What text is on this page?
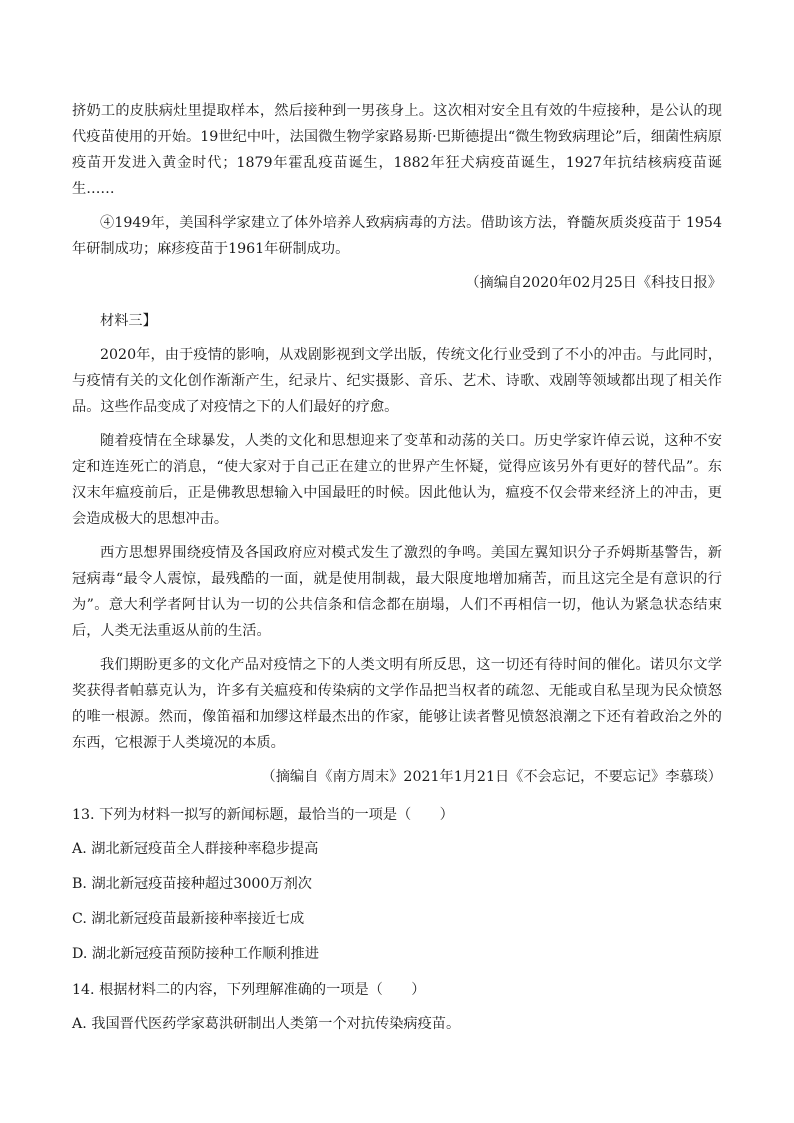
挤奶工的皮肤病灶里提取样本，然后接种到一男孩身上。这次相对安全且有效的牛痘接种，是公认的现代疫苗使用的开始。19世纪中叶，法国微生物学家路易斯·巴斯德提出“微生物致病理论”后，细菌性病原疫苗开发进入黄金时代；1879年霍乱疫苗诞生，1882年狂犬病疫苗诞生，1927年抗结核病疫苗诞生……

④1949年，美国科学家建立了体外培养人致病病毒的方法。借助该方法，脊髓灰质炎疫苗于 1954年研制成功；麻疹疫苗于1961年研制成功。

（摘编自2020年02月25日《科技日报》
材料三】

2020年，由于疫情的影响，从戏剧影视到文学出版，传统文化行业受到了不小的冲击。与此同时，与疫情有关的文化创作渐渐产生，纪录片、纪实摄影、音乐、艺术、诗歌、戏剧等领域都出现了相关作品。这些作品变成了对疫情之下的人们最好的疗愈。

随着疫情在全球暴发，人类的文化和思想迎来了变革和动荡的关口。历史学家许倬云说，这种不安定和连连死亡的消息，“使大家对于自己正在建立的世界产生怀疑，觉得应该另外有更好的替代品”。东汉末年瘟疫前后，正是佛教思想输入中国最旺的时候。因此他认为，瘟疫不仅会带来经济上的冲击，更会造成极大的思想冲击。

西方思想界围绕疫情及各国政府应对模式发生了激烈的争鸣。美国左翼知识分子乔姆斯基警告，新冠病毒“最令人震惊，最残酷的一面，就是使用制裁，最大限度地增加痛苦，而且这完全是有意识的行为”。意大利学者阿甘认为一切的公共信条和信念都在崩塌，人们不再相信一切，他认为紧急状态结束后，人类无法重返从前的生活。

我们期盼更多的文化产品对疫情之下的人类文明有所反思，这一切还有待时间的催化。诺贝尔文学奖获得者帕慕克认为，许多有关瘟疫和传染病的文学作品把当权者的疏忽、无能或自私呈现为民众愤怒的唯一根源。然而，像笛福和加缪这样最杰出的作家，能够让读者瞥见愤怒浪潮之下还有着政治之外的东西，它根源于人类境况的本质。

（摘编自《南方周末》2021年1月21日《不会忘记，不要忘记》李慕琰）
13. 下列为材料一拟写的新闻标题，最恰当的一项是（　　）
A. 湖北新冠疫苗全人群接种率稳步提高
B. 湖北新冠疫苗接种超过3000万剂次
C. 湖北新冠疫苗最新接种率接近七成
D. 湖北新冠疫苗预防接种工作顺利推进
14. 根据材料二的内容，下列理解准确的一项是（　　）
A. 我国晋代医药学家葛洪研制出人类第一个对抗传染病疫苗。
